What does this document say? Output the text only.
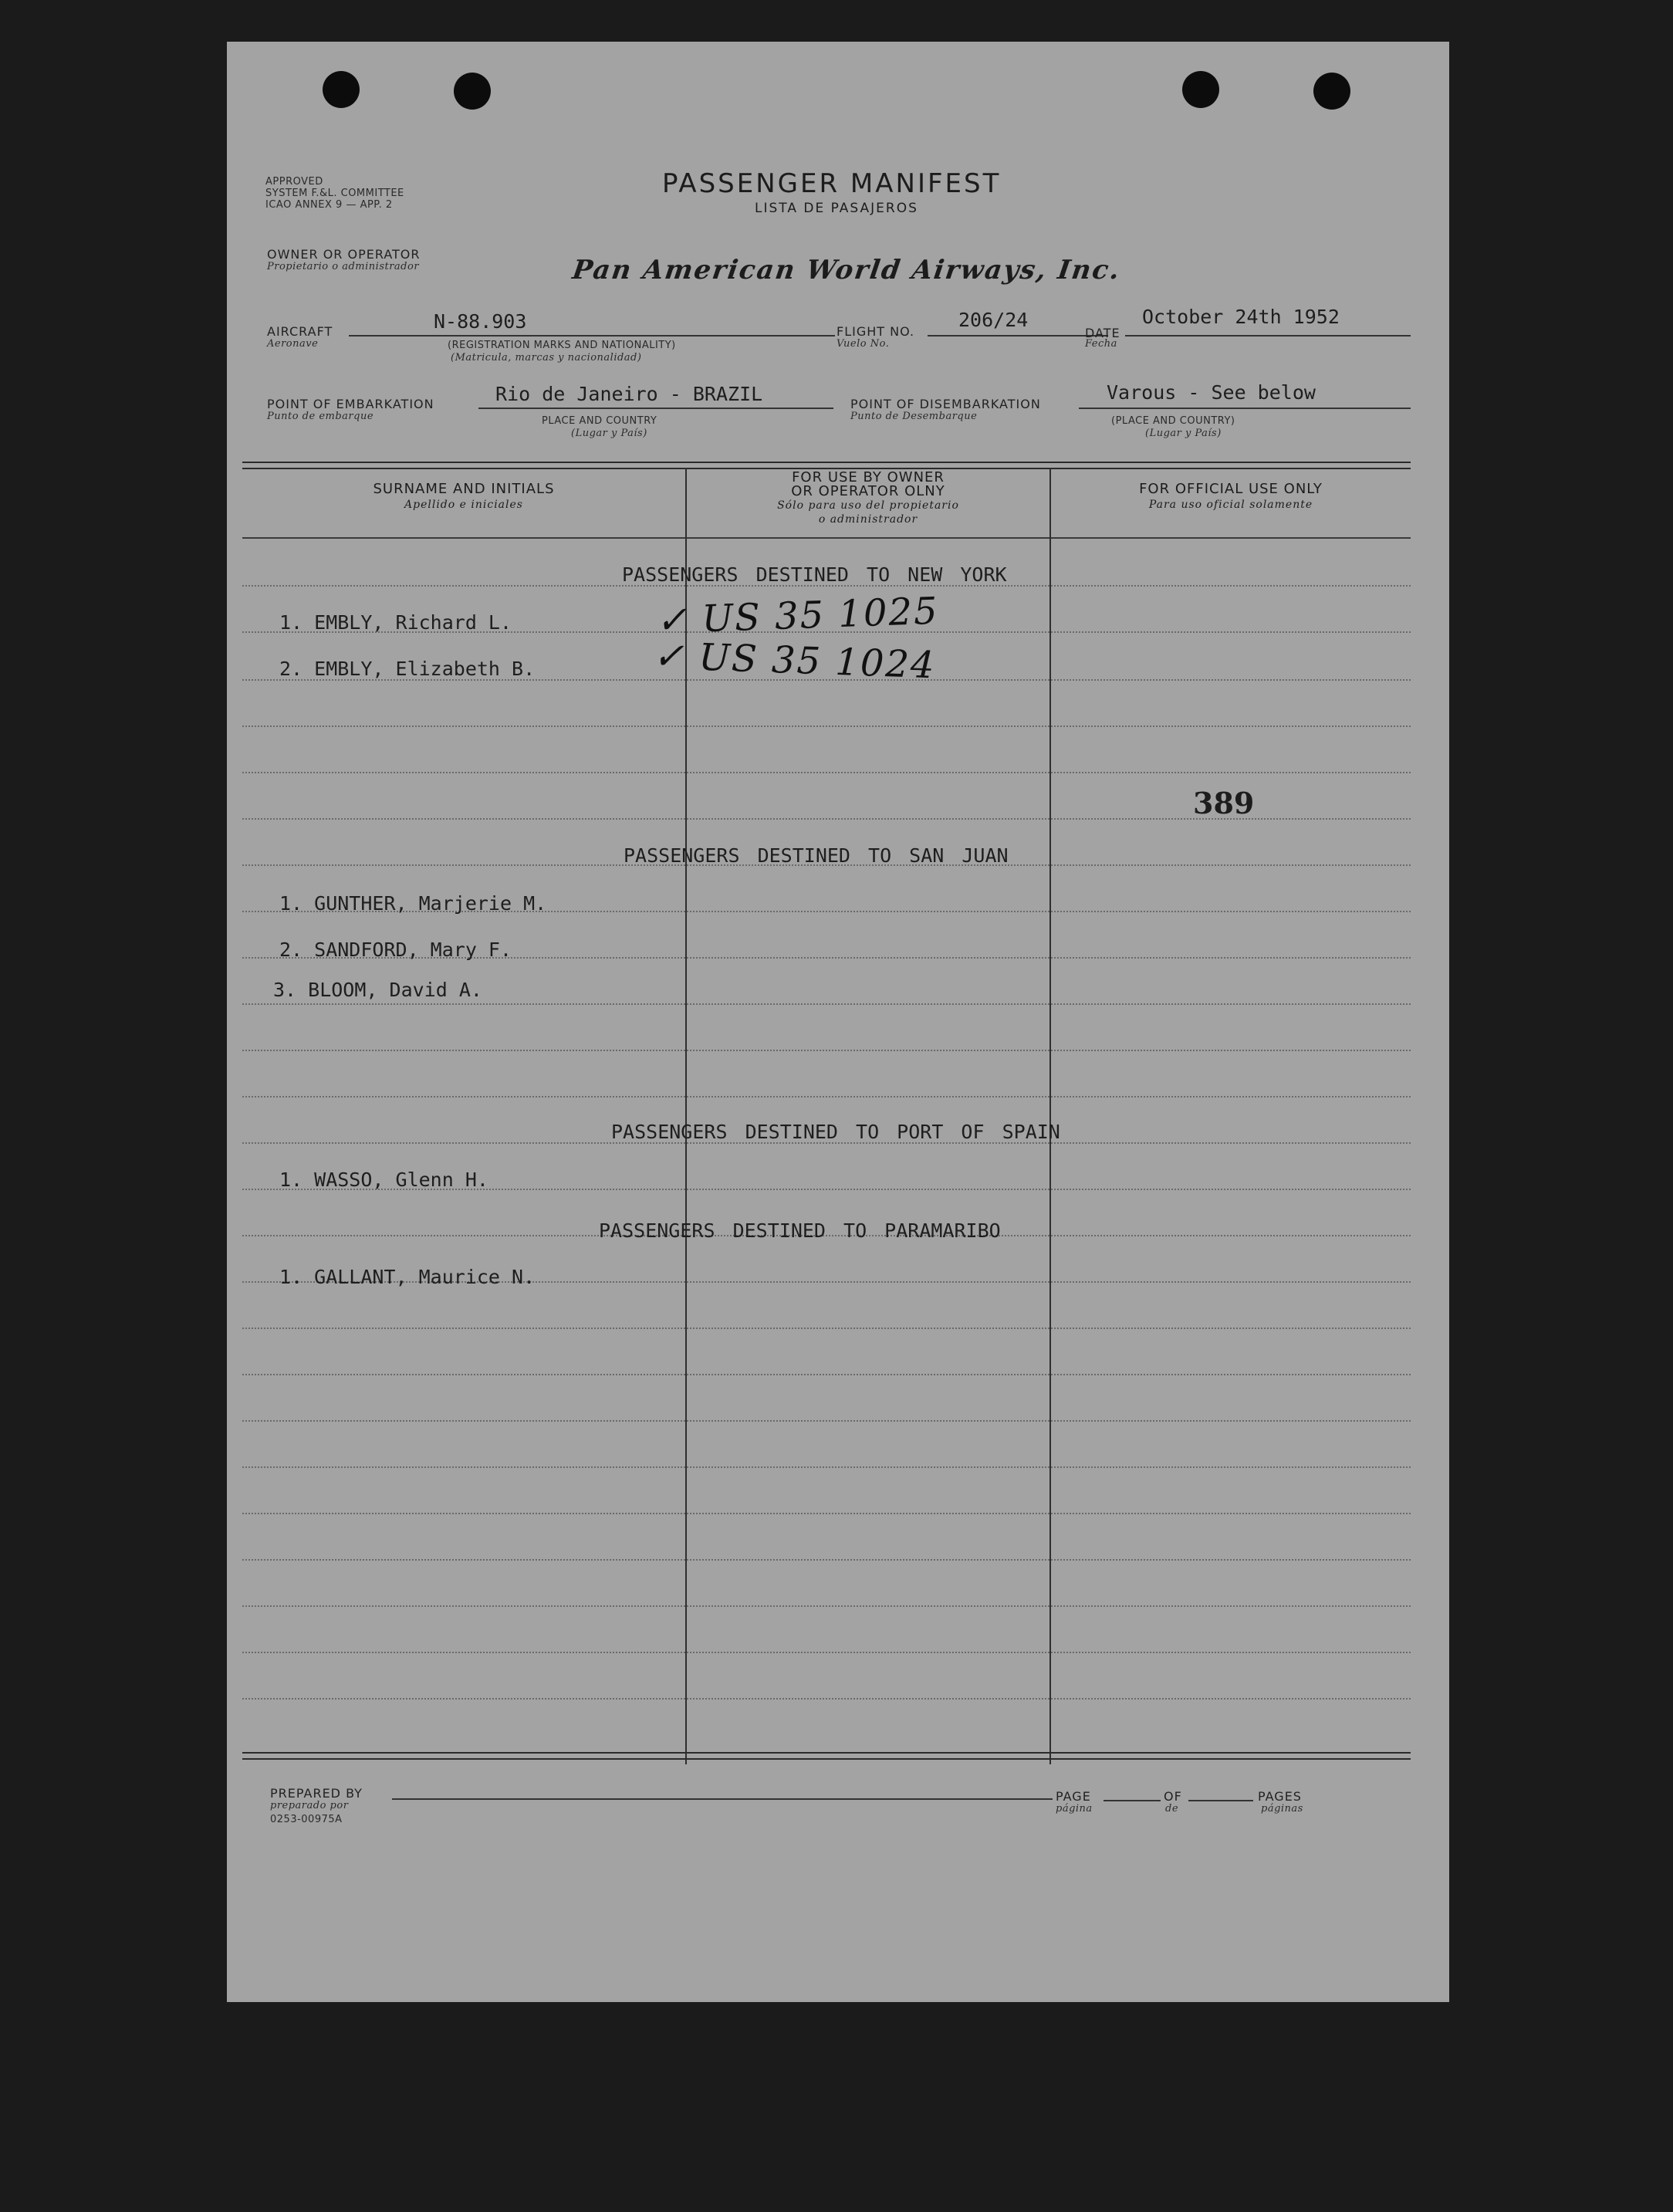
APPROVED
SYSTEM F.&L. COMMITTEE
ICAO ANNEX 9 — APP. 2
PASSENGER MANIFEST
LISTA DE PASAJEROS
OWNER OR OPERATOR
Propietario o administrador	Pan American World Airways, Inc.
AIRCRAFT
Aeronave
N-88.903
(REGISTRATION MARKS AND NATIONALITY)
(Matricula, marcas y nacionalidad)
FLIGHT NO.
Vuelo No.
206/24
DATE
Fecha
October 24th 1952
POINT OF EMBARKATION
Punto de embarque
Rio de Janeiro - BRAZIL
PLACE AND COUNTRY
(Lugar y País)
POINT OF DISEMBARKATION
Punto de Desembarque
Varous - See below
(PLACE AND COUNTRY)
(Lugar y País)
SURNAME AND INITIALS
Apellido e iniciales
FOR USE BY OWNER
OR OPERATOR OLNY
Sólo para uso del propietario
o administrador
FOR OFFICIAL USE ONLY
Para uso oficial solamente
PASSENGERS DESTINED TO NEW YORK
PASSENGERS DESTINED TO SAN JUAN
PASSENGERS DESTINED TO PORT OF SPAIN
PASSENGERS DESTINED TO PARAMARIBO
1. EMBLY, Richard L.
2. EMBLY, Elizabeth B.
1. GUNTHER, Marjerie M.
2. SANDFORD, Mary F.
3. BLOOM, David A.
1. WASSO, Glenn H.
1. GALLANT, Maurice N.
✓ US 35 1025
✓ US 35 1024
389
PREPARED BY
preparado por
0253-00975A
PAGE
página
OF
de
PAGES
páginas
